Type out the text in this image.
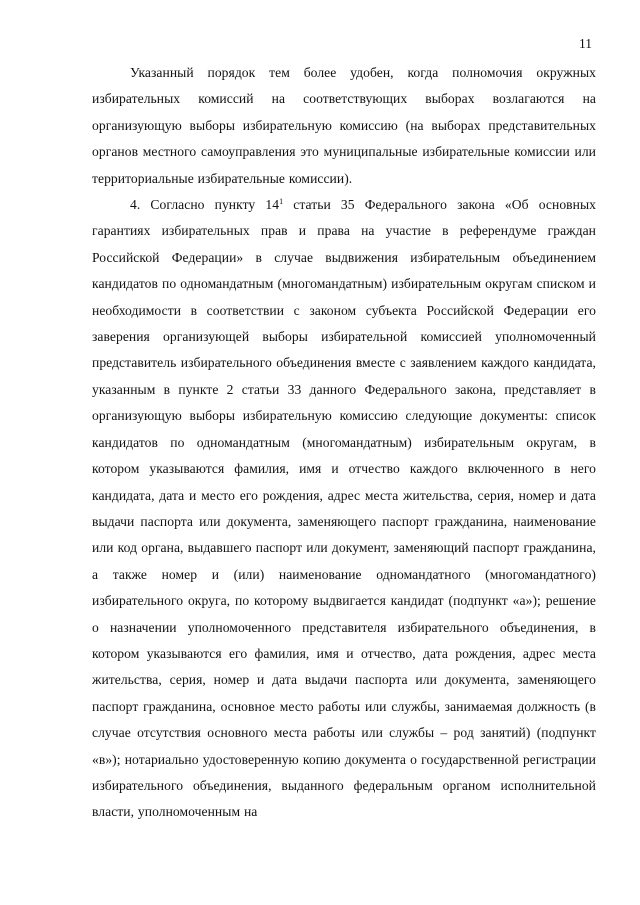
11

Указанный порядок тем более удобен, когда полномочия окружных избирательных комиссий на соответствующих выборах возлагаются на организующую выборы избирательную комиссию (на выборах представительных органов местного самоуправления это муниципальные избирательные комиссии или территориальные избирательные комиссии).

4. Согласно пункту $14^1$ статьи 35 Федерального закона «Об основных гарантиях избирательных прав и права на участие в референдуме граждан Российской Федерации» в случае выдвижения избирательным объединением кандидатов по одномандатным (многомандатным) избирательным округам списком и необходимости в соответствии с законом субъекта Российской Федерации его заверения организующей выборы избирательной комиссией уполномоченный представитель избирательного объединения вместе с заявлением каждого кандидата, указанным в пункте 2 статьи 33 данного Федерального закона, представляет в организующую выборы избирательную комиссию следующие документы: список кандидатов по одномандатным (многомандатным) избирательным округам, в котором указываются фамилия, имя и отчество каждого включенного в него кандидата, дата и место его рождения, адрес места жительства, серия, номер и дата выдачи паспорта или документа, заменяющего паспорт гражданина, наименование или код органа, выдавшего паспорт или документ, заменяющий паспорт гражданина, а также номер и (или) наименование одномандатного (многомандатного) избирательного округа, по которому выдвигается кандидат (подпункт «а»); решение о назначении уполномоченного представителя избирательного объединения, в котором указываются его фамилия, имя и отчество, дата рождения, адрес места жительства, серия, номер и дата выдачи паспорта или документа, заменяющего паспорт гражданина, основное место работы или службы, занимаемая должность (в случае отсутствия основного места работы или службы – род занятий) (подпункт «в»); нотариально удостоверенную копию документа о государственной регистрации избирательного объединения, выданного федеральным органом исполнительной власти, уполномоченным на
